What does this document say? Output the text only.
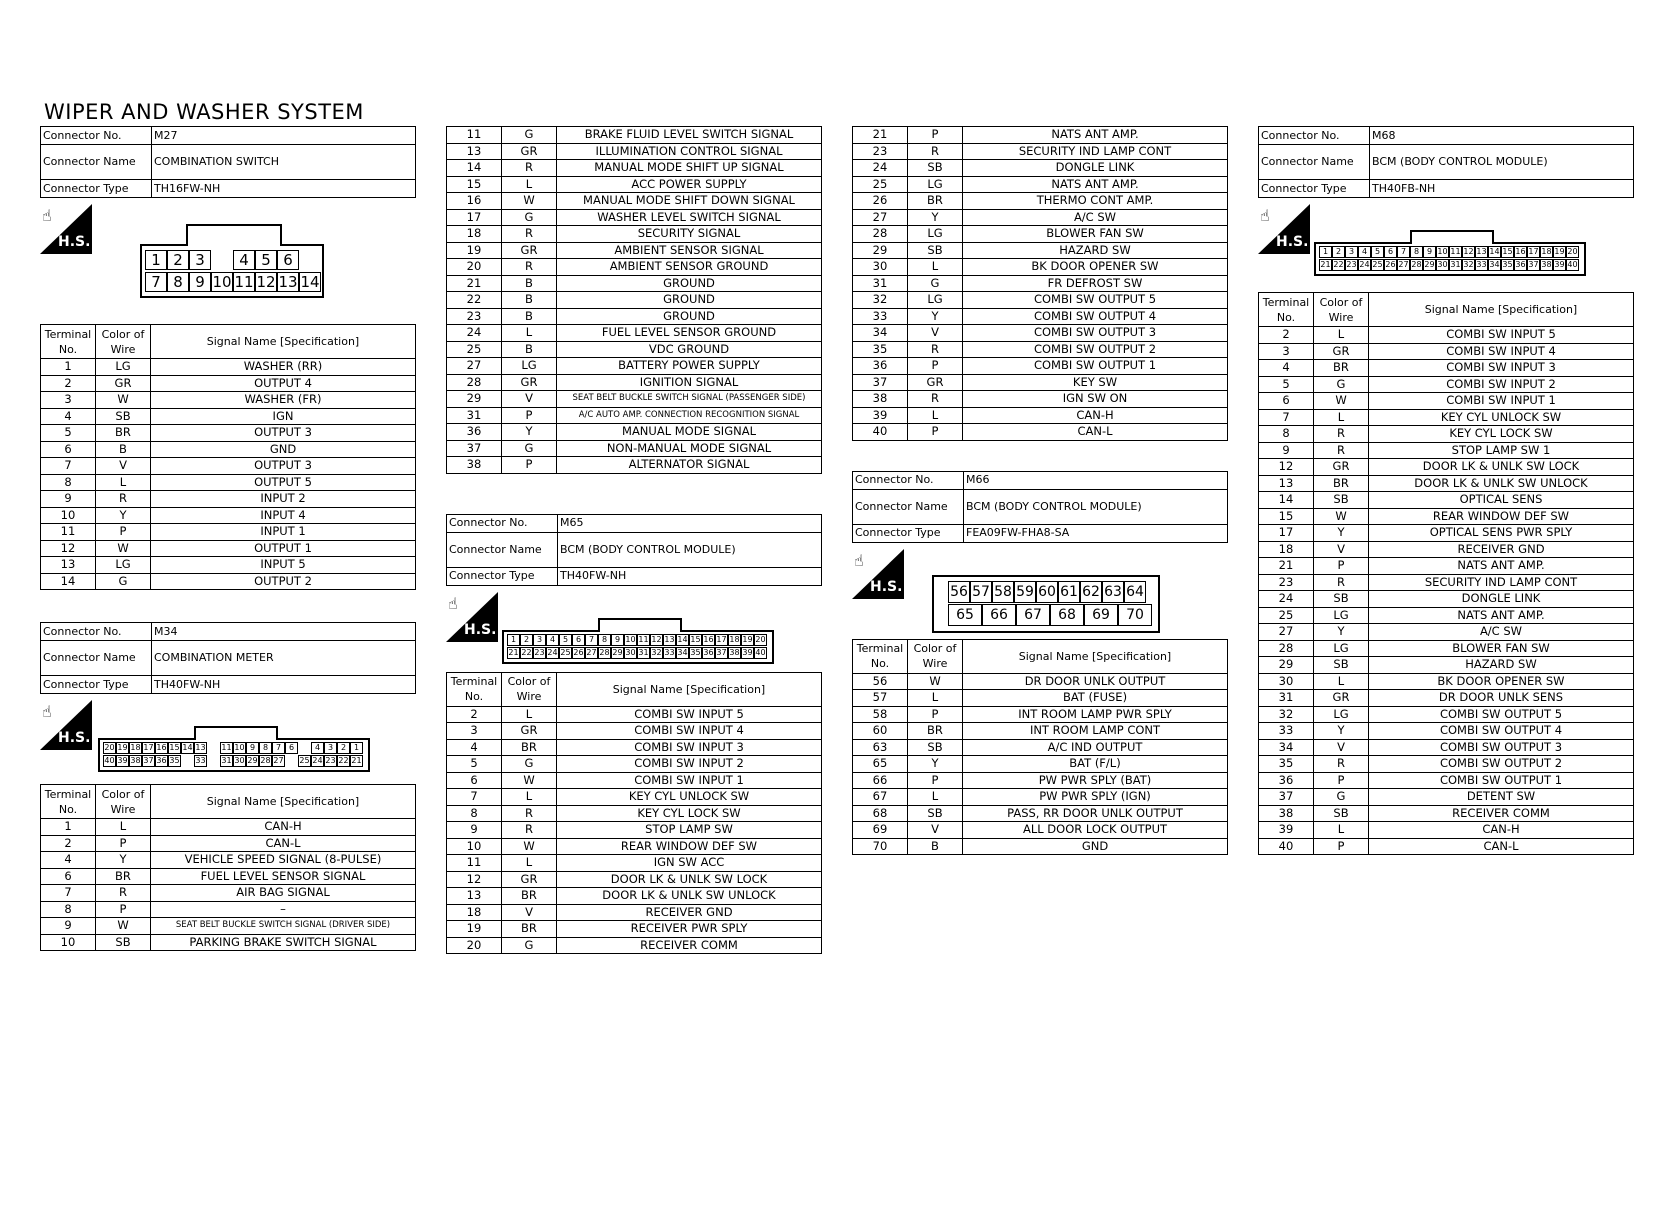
WIPER AND WASHER SYSTEM
Connector No.	M27
Connector Name	COMBINATION SWITCH
Connector Type	TH16FW-NH
☝
H.S.
1 2 3	4 5 6
7 8 9 10 11 12 13 14
Terminal No.	Color of Wire	Signal Name [Specification]
1	LG	WASHER (RR)
2	GR	OUTPUT 4
3	W	WASHER (FR)
4	SB	IGN
5	BR	OUTPUT 3
6	B	GND
7	V	OUTPUT 3
8	L	OUTPUT 5
9	R	INPUT 2
10	Y	INPUT 4
11	P	INPUT 1
12	W	OUTPUT 1
13	LG	INPUT 5
14	G	OUTPUT 2
Connector No.	M34
Connector Name	COMBINATION METER
Connector Type	TH40FW-NH
☝
H.S.
20 19 18 17 16 15 14 13 11 10 9 8 7 6	4 3 2 1
40 39 38 37 36 35 33 31 30 29 28 27 25 24 23 22 21
Terminal No.	Color of Wire	Signal Name [Specification]
1	L	CAN-H
2	P	CAN-L
4	Y	VEHICLE SPEED SIGNAL (8-PULSE)
6	BR	FUEL LEVEL SENSOR SIGNAL
7	R	AIR BAG SIGNAL
8	P	–
9	W	SEAT BELT BUCKLE SWITCH SIGNAL (DRIVER SIDE)
10	SB	PARKING BRAKE SWITCH SIGNAL
11	G	BRAKE FLUID LEVEL SWITCH SIGNAL
13	GR	ILLUMINATION CONTROL SIGNAL
14	R	MANUAL MODE SHIFT UP SIGNAL
15	L	ACC POWER SUPPLY
16	W	MANUAL MODE SHIFT DOWN SIGNAL
17	G	WASHER LEVEL SWITCH SIGNAL
18	R	SECURITY SIGNAL
19	GR	AMBIENT SENSOR SIGNAL
20	R	AMBIENT SENSOR GROUND
21	B	GROUND
22	B	GROUND
23	B	GROUND
24	L	FUEL LEVEL SENSOR GROUND
25	B	VDC GROUND
27	LG	BATTERY POWER SUPPLY
28	GR	IGNITION SIGNAL
29	V	SEAT BELT BUCKLE SWITCH SIGNAL (PASSENGER SIDE)
31	P	A/C AUTO AMP. CONNECTION RECOGNITION SIGNAL
36	Y	MANUAL MODE SIGNAL
37	G	NON-MANUAL MODE SIGNAL
38	P	ALTERNATOR SIGNAL
Connector No.	M65
Connector Name	BCM (BODY CONTROL MODULE)
Connector Type	TH40FW-NH
☝
H.S.
1 2 3 4 5 6 7 8 9 10 11 12 13 14 15 16 17 18 19 20
21 22 23 24 25 26 27 28 29 30 31 32 33 34 35 36 37 38 39 40
Terminal No.	Color of Wire	Signal Name [Specification]
2	L	COMBI SW INPUT 5
3	GR	COMBI SW INPUT 4
4	BR	COMBI SW INPUT 3
5	G	COMBI SW INPUT 2
6	W	COMBI SW INPUT 1
7	L	KEY CYL UNLOCK SW
8	R	KEY CYL LOCK SW
9	R	STOP LAMP SW
10	W	REAR WINDOW DEF SW
11	L	IGN SW ACC
12	GR	DOOR LK & UNLK SW LOCK
13	BR	DOOR LK & UNLK SW UNLOCK
18	V	RECEIVER GND
19	BR	RECEIVER PWR SPLY
20	G	RECEIVER COMM
21	P	NATS ANT AMP.
23	R	SECURITY IND LAMP CONT
24	SB	DONGLE LINK
25	LG	NATS ANT AMP.
26	BR	THERMO CONT AMP.
27	Y	A/C SW
28	LG	BLOWER FAN SW
29	SB	HAZARD SW
30	L	BK DOOR OPENER SW
31	G	FR DEFROST SW
32	LG	COMBI SW OUTPUT 5
33	Y	COMBI SW OUTPUT 4
34	V	COMBI SW OUTPUT 3
35	R	COMBI SW OUTPUT 2
36	P	COMBI SW OUTPUT 1
37	GR	KEY SW
38	R	IGN SW ON
39	L	CAN-H
40	P	CAN-L
Connector No.	M66
Connector Name	BCM (BODY CONTROL MODULE)
Connector Type	FEA09FW-FHA8-SA
☝
H.S.	56 57 58 59 60 61 62 63 64
65	66	67	68	69	70
Terminal No.	Color of Wire	Signal Name [Specification]
56	W	DR DOOR UNLK OUTPUT
57	L	BAT (FUSE)
58	P	INT ROOM LAMP PWR SPLY
60	BR	INT ROOM LAMP CONT
63	SB	A/C IND OUTPUT
65	Y	BAT (F/L)
66	P	PW PWR SPLY (BAT)
67	L	PW PWR SPLY (IGN)
68	SB	PASS, RR DOOR UNLK OUTPUT
69	V	ALL DOOR LOCK OUTPUT
70	B	GND
Connector No.	M68
Connector Name	BCM (BODY CONTROL MODULE)
Connector Type	TH40FB-NH
☝
H.S.
1 2 3 4 5 6 7 8 9 10 11 12 13 14 15 16 17 18 19 20
21 22 23 24 25 26 27 28 29 30 31 32 33 34 35 36 37 38 39 40
Terminal No.	Color of Wire	Signal Name [Specification]
2	L	COMBI SW INPUT 5
3	GR	COMBI SW INPUT 4
4	BR	COMBI SW INPUT 3
5	G	COMBI SW INPUT 2
6	W	COMBI SW INPUT 1
7	L	KEY CYL UNLOCK SW
8	R	KEY CYL LOCK SW
9	R	STOP LAMP SW 1
12	GR	DOOR LK & UNLK SW LOCK
13	BR	DOOR LK & UNLK SW UNLOCK
14	SB	OPTICAL SENS
15	W	REAR WINDOW DEF SW
17	Y	OPTICAL SENS PWR SPLY
18	V	RECEIVER GND
21	P	NATS ANT AMP.
23	R	SECURITY IND LAMP CONT
24	SB	DONGLE LINK
25	LG	NATS ANT AMP.
27	Y	A/C SW
28	LG	BLOWER FAN SW
29	SB	HAZARD SW
30	L	BK DOOR OPENER SW
31	GR	DR DOOR UNLK SENS
32	LG	COMBI SW OUTPUT 5
33	Y	COMBI SW OUTPUT 4
34	V	COMBI SW OUTPUT 3
35	R	COMBI SW OUTPUT 2
36	P	COMBI SW OUTPUT 1
37	G	DETENT SW
38	SB	RECEIVER COMM
39	L	CAN-H
40	P	CAN-L
